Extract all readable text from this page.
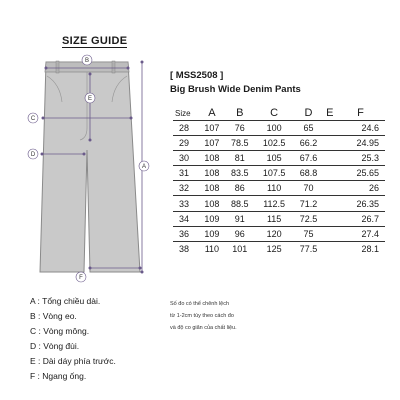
SIZE GUIDE
B
E
C
D
A
F
[ MSS2508 ]
Big Brush Wide Denim Pants
Size	A	B	C	D	E	F
28	107	76	100	65		24.6
29	107	78.5	102.5	66.2		24.95
30	108	81	105	67.6		25.3
31	108	83.5	107.5	68.8		25.65
32	108	86	110	70		26
33	108	88.5	112.5	71.2		26.35
34	109	91	115	72.5		26.7
36	109	96	120	75		27.4
38	110	101	125	77.5		28.1
A : Tổng chiều dài.
B : Vòng eo.
C : Vòng mông.
D : Vòng đùi.
E : Dài dáy phía trước.
F : Ngang ống.
Số đo có thể chênh lệch
từ 1-2cm tùy theo cách đo
và độ co giãn của chất liệu.
